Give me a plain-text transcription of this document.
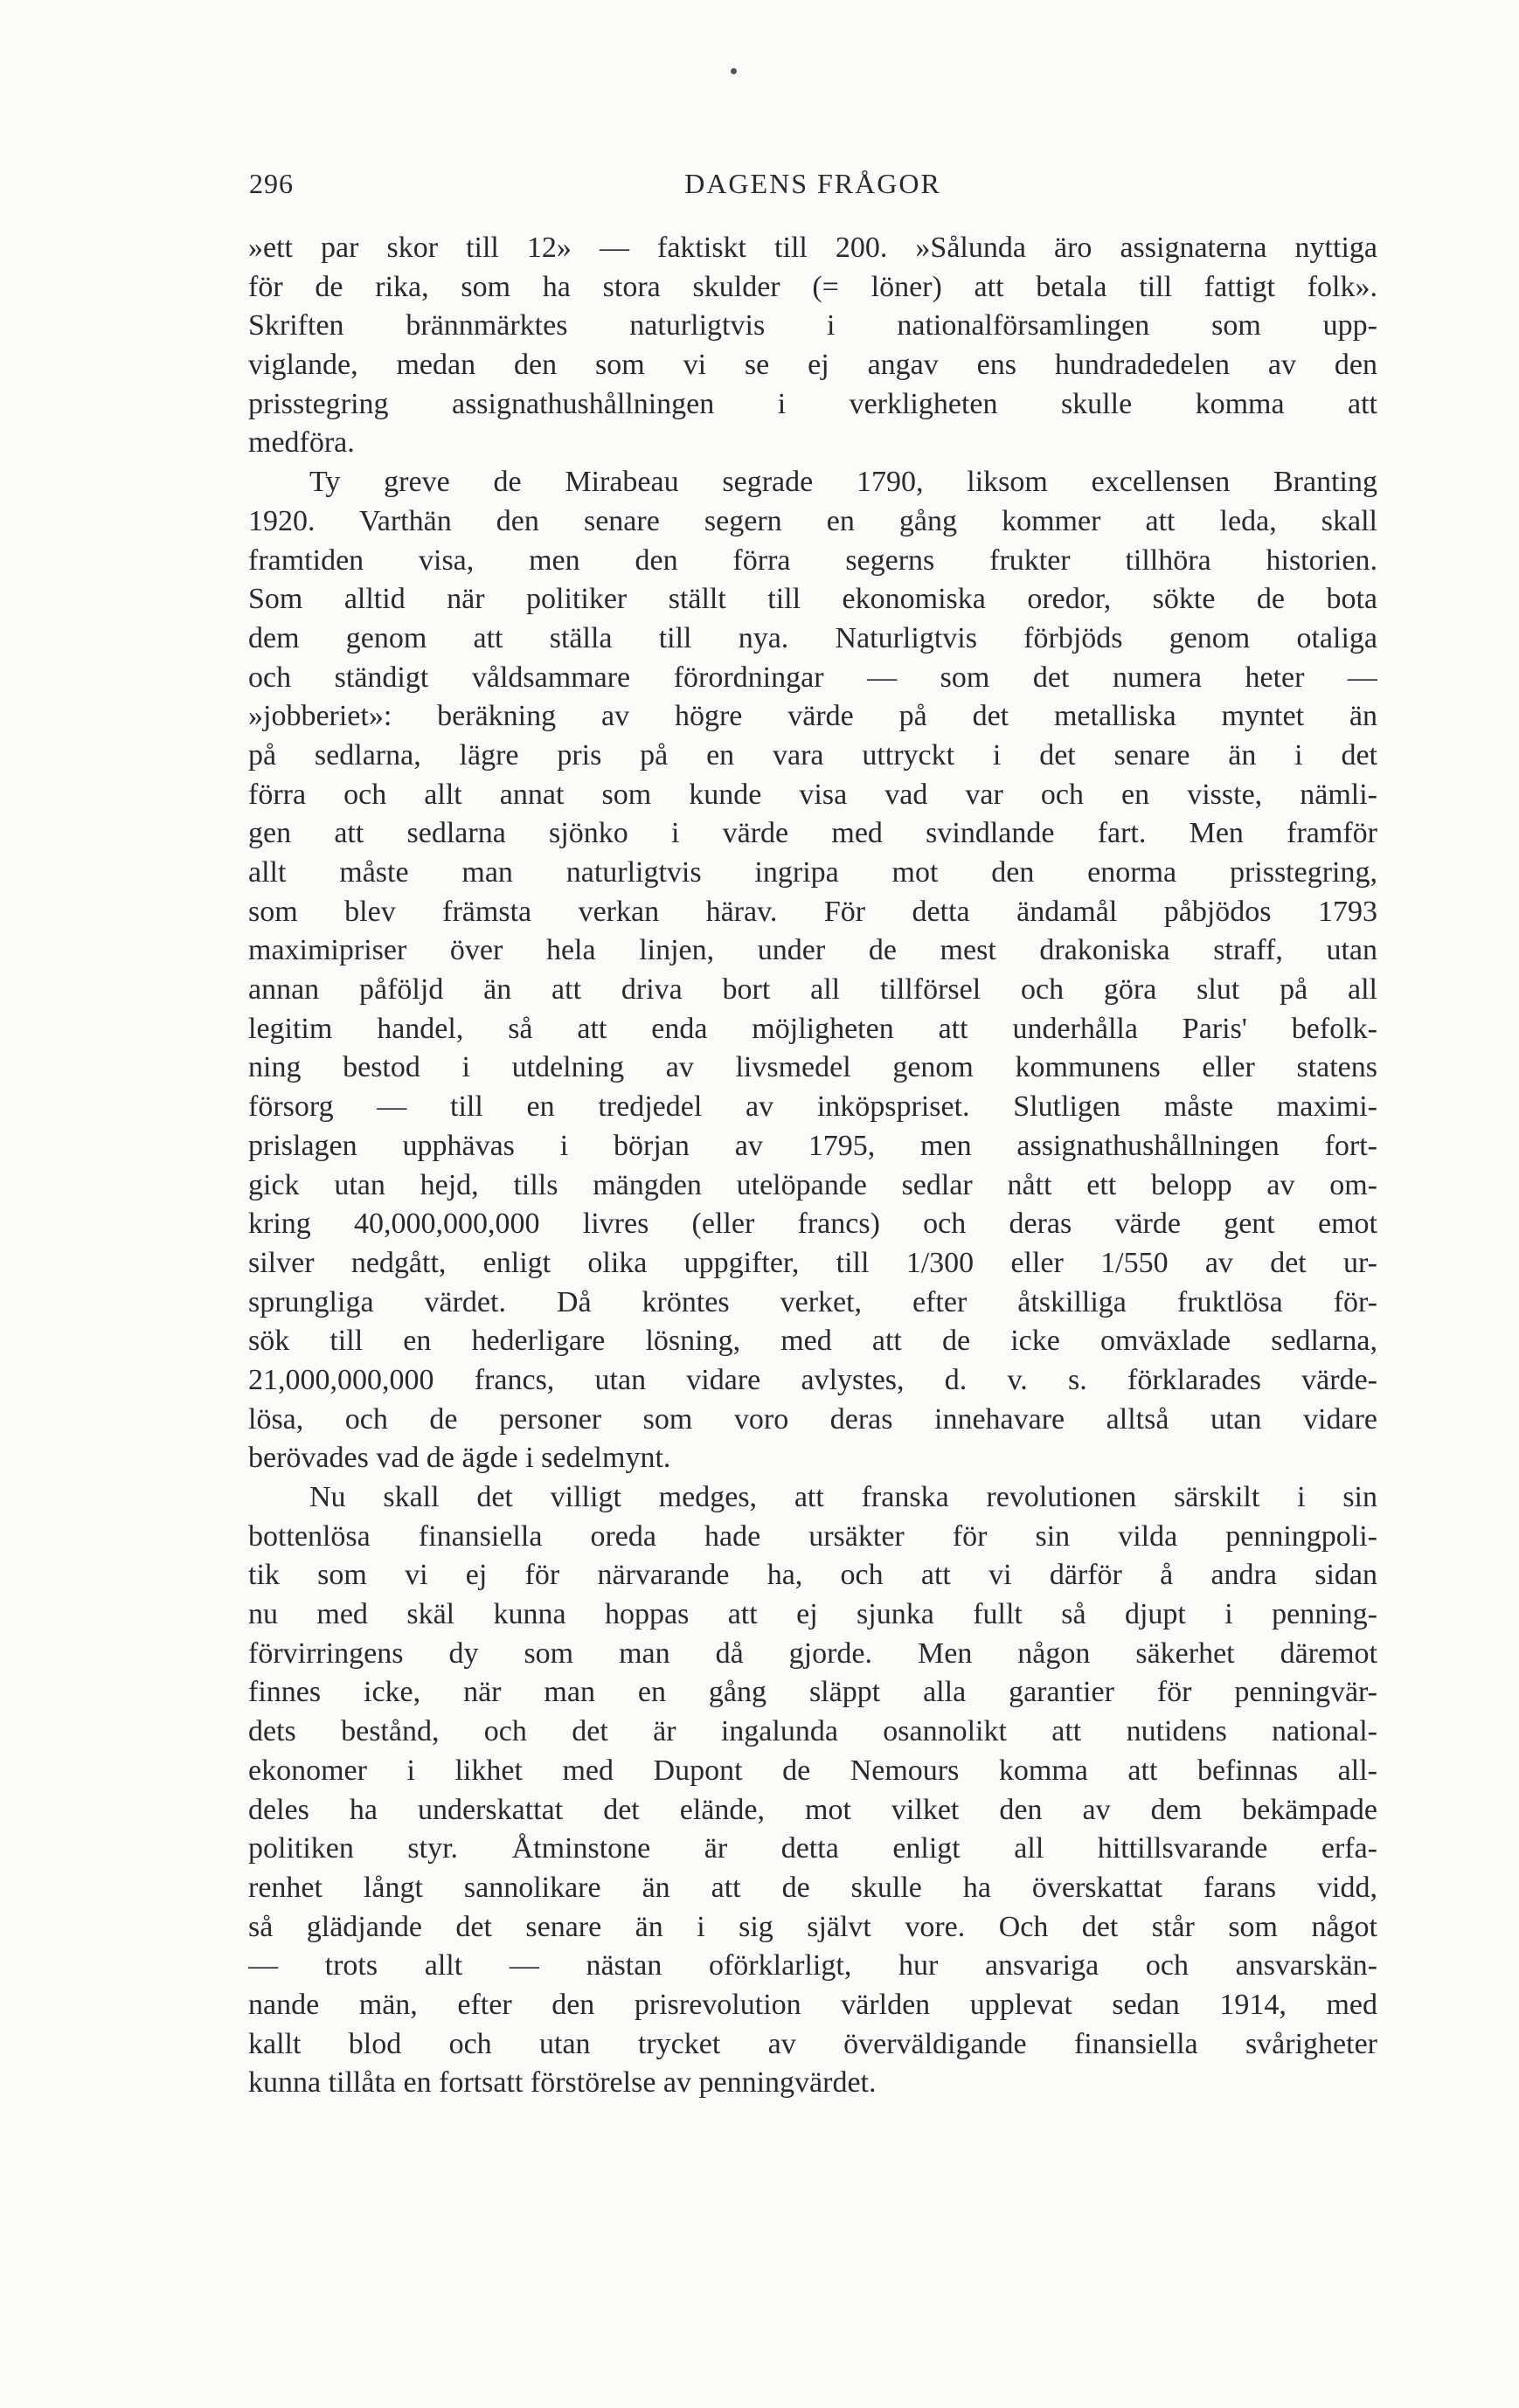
296	DAGENS FRÅGOR
»ett par skor till 12» — faktiskt till 200. »Sålunda äro assignaterna nyttiga
för de rika, som ha stora skulder (= löner) att betala till fattigt folk».
Skriften brännmärktes naturligtvis i nationalförsamlingen som upp-
viglande, medan den som vi se ej angav ens hundradedelen av den
prisstegring assignathushållningen i verkligheten skulle komma att
medföra.
Ty greve de Mirabeau segrade 1790, liksom excellensen Branting
1920. Varthän den senare segern en gång kommer att leda, skall
framtiden visa, men den förra segerns frukter tillhöra historien.
Som alltid när politiker ställt till ekonomiska oredor, sökte de bota
dem genom att ställa till nya. Naturligtvis förbjöds genom otaliga
och ständigt våldsammare förordningar — som det numera heter —
»jobberiet»: beräkning av högre värde på det metalliska myntet än
på sedlarna, lägre pris på en vara uttryckt i det senare än i det
förra och allt annat som kunde visa vad var och en visste, nämli-
gen att sedlarna sjönko i värde med svindlande fart. Men framför
allt måste man naturligtvis ingripa mot den enorma prisstegring,
som blev främsta verkan härav. För detta ändamål påbjödos 1793
maximipriser över hela linjen, under de mest drakoniska straff, utan
annan påföljd än att driva bort all tillförsel och göra slut på all
legitim handel, så att enda möjligheten att underhålla Paris' befolk-
ning bestod i utdelning av livsmedel genom kommunens eller statens
försorg — till en tredjedel av inköpspriset. Slutligen måste maximi-
prislagen upphävas i början av 1795, men assignathushållningen fort-
gick utan hejd, tills mängden utelöpande sedlar nått ett belopp av om-
kring 40,000,000,000 livres (eller francs) och deras värde gent emot
silver nedgått, enligt olika uppgifter, till 1/300 eller 1/550 av det ur-
sprungliga värdet. Då kröntes verket, efter åtskilliga fruktlösa för-
sök till en hederligare lösning, med att de icke omväxlade sedlarna,
21,000,000,000 francs, utan vidare avlystes, d. v. s. förklarades värde-
lösa, och de personer som voro deras innehavare alltså utan vidare
berövades vad de ägde i sedelmynt.
Nu skall det villigt medges, att franska revolutionen särskilt i sin
bottenlösa finansiella oreda hade ursäkter för sin vilda penningpoli-
tik som vi ej för närvarande ha, och att vi därför å andra sidan
nu med skäl kunna hoppas att ej sjunka fullt så djupt i penning-
förvirringens dy som man då gjorde. Men någon säkerhet däremot
finnes icke, när man en gång släppt alla garantier för penningvär-
dets bestånd, och det är ingalunda osannolikt att nutidens national-
ekonomer i likhet med Dupont de Nemours komma att befinnas all-
deles ha underskattat det elände, mot vilket den av dem bekämpade
politiken styr. Åtminstone är detta enligt all hittillsvarande erfa-
renhet långt sannolikare än att de skulle ha överskattat farans vidd,
så glädjande det senare än i sig självt vore. Och det står som något
— trots allt — nästan oförklarligt, hur ansvariga och ansvarskän-
nande män, efter den prisrevolution världen upplevat sedan 1914, med
kallt blod och utan trycket av överväldigande finansiella svårigheter
kunna tillåta en fortsatt förstörelse av penningvärdet.
